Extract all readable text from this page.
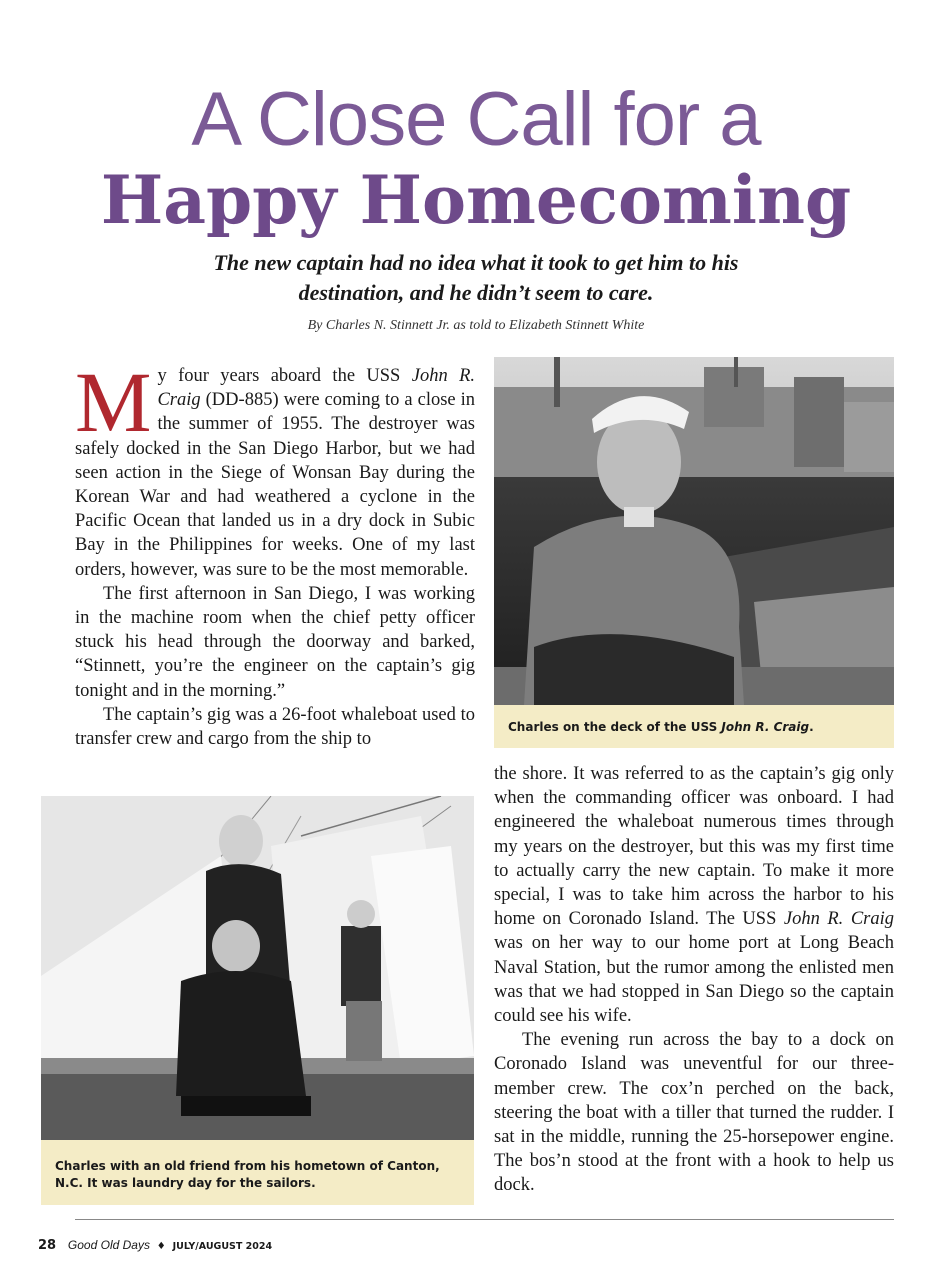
A Close Call for a
Happy Homecoming
The new captain had no idea what it took to get him to his destination, and he didn’t seem to care.
By Charles N. Stinnett Jr. as told to Elizabeth Stinnett White

My four years aboard the USS John R. Craig (DD-885) were coming to a close in the summer of 1955. The destroyer was safely docked in the San Diego Harbor, but we had seen action in the Siege of Wonsan Bay during the Korean War and had weathered a cyclone in the Pacific Ocean that landed us in a dry dock in Subic Bay in the Philippines for weeks. One of my last orders, however, was sure to be the most memorable.

The first afternoon in San Diego, I was working in the machine room when the chief petty officer stuck his head through the doorway and barked, “Stinnett, you’re the engineer on the captain’s gig tonight and in the morning.”

The captain’s gig was a 26-foot whaleboat used to transfer crew and cargo from the ship to

Charles on the deck of the USS John R. Craig.
Charles with an old friend from his hometown of Canton, N.C. It was laundry day for the sailors.

the shore. It was referred to as the captain’s gig only when the commanding officer was onboard. I had engineered the whaleboat numerous times through my years on the destroyer, but this was my first time to actually carry the new captain. To make it more special, I was to take him across the harbor to his home on Coronado Island. The USS John R. Craig was on her way to our home port at Long Beach Naval Station, but the rumor among the enlisted men was that we had stopped in San Diego so the captain could see his wife.

The evening run across the bay to a dock on Coronado Island was uneventful for our three-member crew. The cox’n perched on the back, steering the boat with a tiller that turned the rudder. I sat in the middle, running the 25-horsepower engine. The bos’n stood at the front with a hook to help us dock.

28 Good Old Days ♦ JULY/AUGUST 2024
